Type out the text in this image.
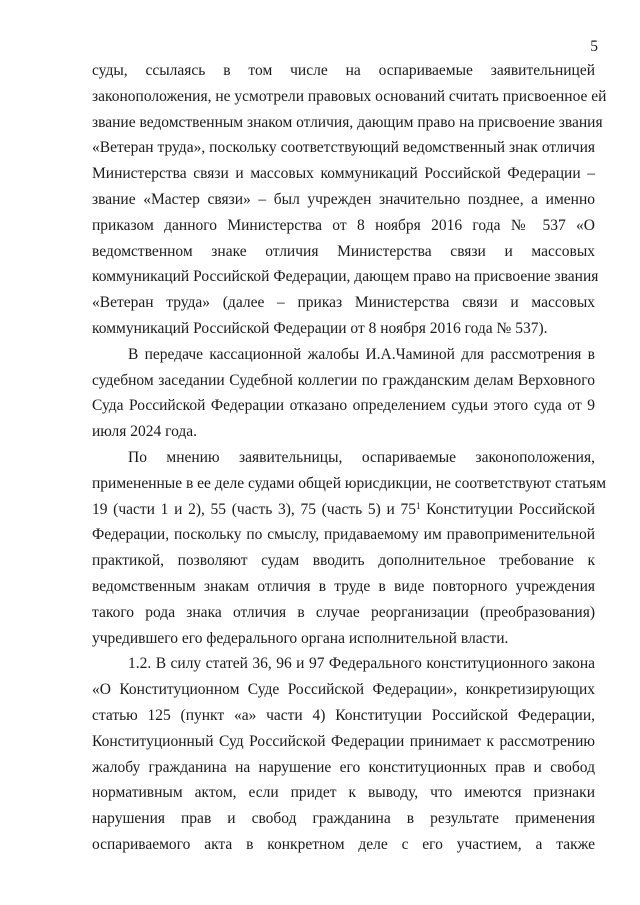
5
суды, ссылаясь в том числе на оспариваемые заявительницей
законоположения, не усмотрели правовых оснований считать присвоенное ей
звание ведомственным знаком отличия, дающим право на присвоение звания
«Ветеран труда», поскольку соответствующий ведомственный знак отличия
Министерства связи и массовых коммуникаций Российской Федерации –
звание «Мастер связи» – был учрежден значительно позднее, а именно
приказом данного Министерства от 8 ноября 2016 года № 537 «О
ведомственном знаке отличия Министерства связи и массовых
коммуникаций Российской Федерации, дающем право на присвоение звания
«Ветеран труда» (далее – приказ Министерства связи и массовых
коммуникаций Российской Федерации от 8 ноября 2016 года № 537).
В передаче кассационной жалобы И.А.Чаминой для рассмотрения в
судебном заседании Судебной коллегии по гражданским делам Верховного
Суда Российской Федерации отказано определением судьи этого суда от 9
июля 2024 года.
По мнению заявительницы, оспариваемые законоположения,
примененные в ее деле судами общей юрисдикции, не соответствуют статьям
19 (части 1 и 2), 55 (часть 3), 75 (часть 5) и $75^1$ Конституции Российской
Федерации, поскольку по смыслу, придаваемому им правоприменительной
практикой, позволяют судам вводить дополнительное требование к
ведомственным знакам отличия в труде в виде повторного учреждения
такого рода знака отличия в случае реорганизации (преобразования)
учредившего его федерального органа исполнительной власти.
1.2. В силу статей 36, 96 и 97 Федерального конституционного закона
«О Конституционном Суде Российской Федерации», конкретизирующих
статью 125 (пункт «а» части 4) Конституции Российской Федерации,
Конституционный Суд Российской Федерации принимает к рассмотрению
жалобу гражданина на нарушение его конституционных прав и свобод
нормативным актом, если придет к выводу, что имеются признаки
нарушения прав и свобод гражданина в результате применения
оспариваемого акта в конкретном деле с его участием, а также
